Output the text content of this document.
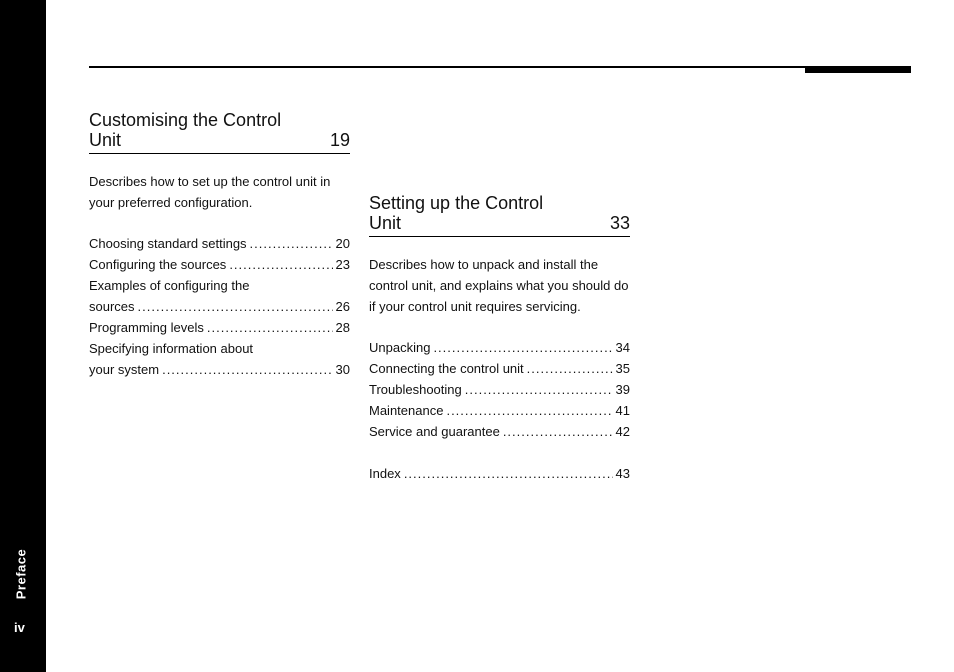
Preface
iv
Customising the Control
Unit	19

Describes how to set up the control unit in your preferred configuration.

Choosing standard settings .....	20
Configuring the sources .....	23
Examples of configuring the
sources .....	26
Programming levels .....	28
Specifying information about
your system .....	30
Setting up the Control
Unit	33

Describes how to unpack and install the control unit, and explains what you should do if your control unit requires servicing.

Unpacking .....	34
Connecting the control unit .....	35
Troubleshooting .....	39
Maintenance .....	41
Service and guarantee .....	42
Index .....	43
